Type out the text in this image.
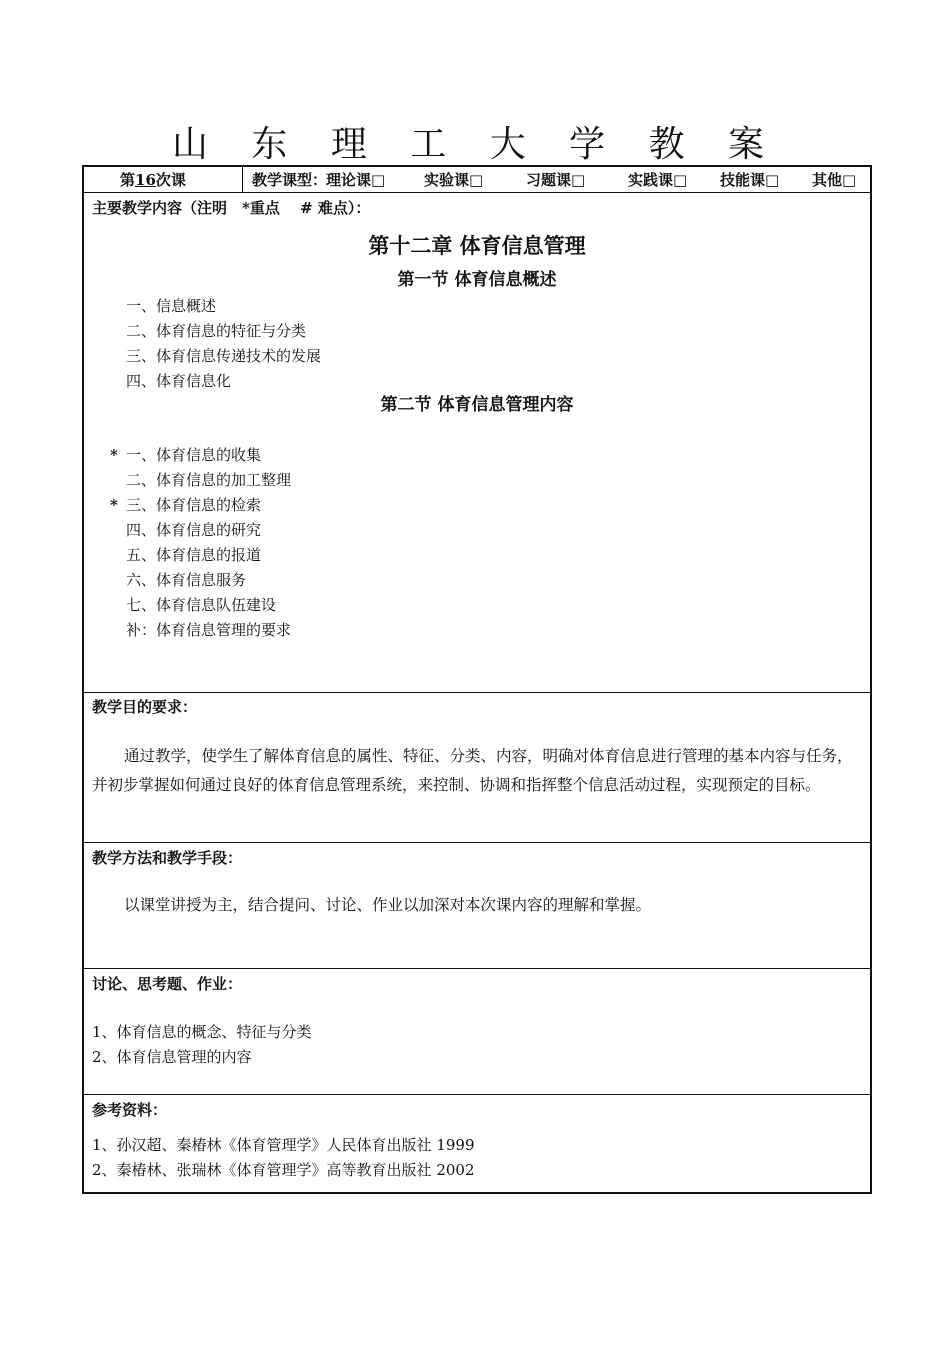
山 东 理 工 大 学 教 案
第16次课	教学课型：
理论课□	实验课□	习题课□	实践课□ 技能课□ 其他□
主要教学内容（注明　*重点　 # 难点）：
第十二章 体育信息管理
第一节 体育信息概述
一、信息概述
二、体育信息的特征与分类
三、体育信息传递技术的发展
四、体育信息化
第二节 体育信息管理内容
* 一、体育信息的收集
二、体育信息的加工整理
* 三、体育信息的检索
四、体育信息的研究
五、体育信息的报道
六、体育信息服务
七、体育信息队伍建设
补：体育信息管理的要求
教学目的要求：
通过教学，使学生了解体育信息的属性、特征、分类、内容，明确对体育信息进行管理的基本内容与任务，并初步掌握如何通过良好的体育信息管理系统，来控制、协调和指挥整个信息活动过程，实现预定的目标。
教学方法和教学手段：
以课堂讲授为主，结合提问、讨论、作业以加深对本次课内容的理解和掌握。
讨论、思考题、作业：
1、体育信息的概念、特征与分类
2、体育信息管理的内容
参考资料：
1、孙汉超、秦椿林《体育管理学》人民体育出版社 1999
2、秦椿林、张瑞林《体育管理学》高等教育出版社 2002
